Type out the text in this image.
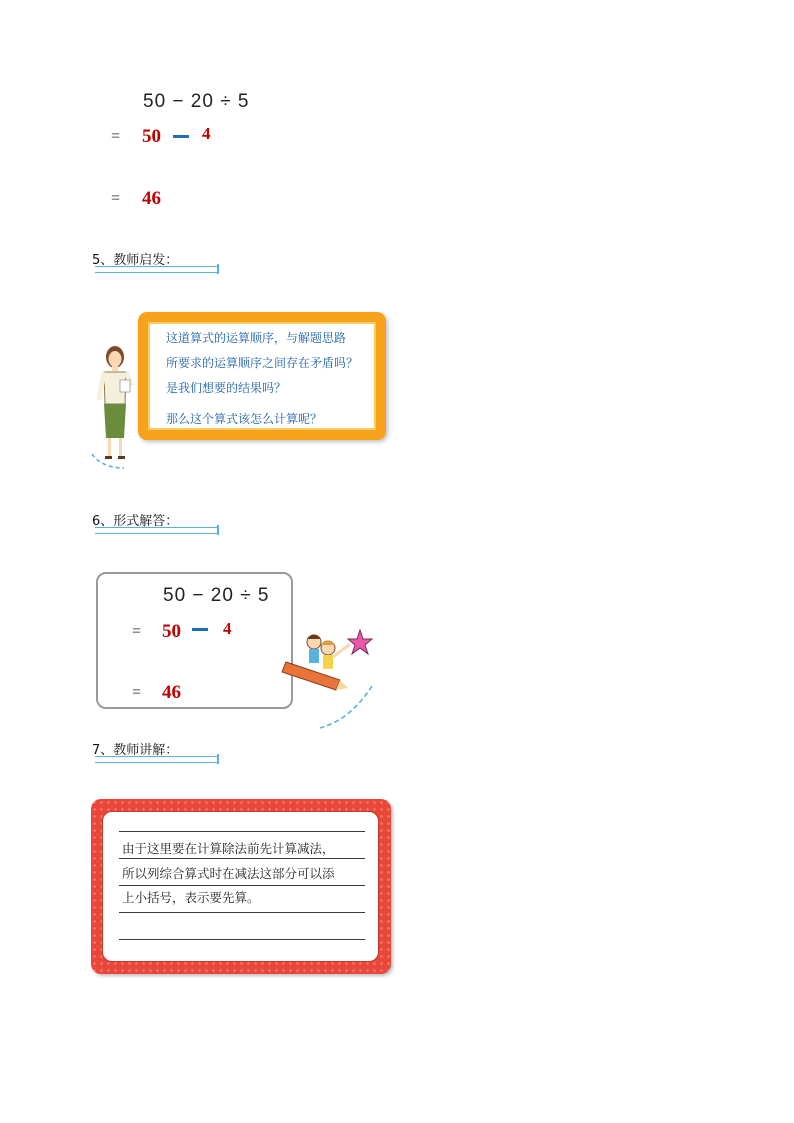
50 − 20 ÷ 5
= 50 4
= 46
5、教师启发：
这道算式的运算顺序，与解题思路
所要求的运算顺序之间存在矛盾吗？
是我们想要的结果吗？
那么这个算式该怎么计算呢？
6、形式解答：
50 − 20 ÷ 5
= 50 4
= 46
7、教师讲解：
由于这里要在计算除法前先计算减法，
所以列综合算式时在减法这部分可以添
上小括号，表示要先算。
